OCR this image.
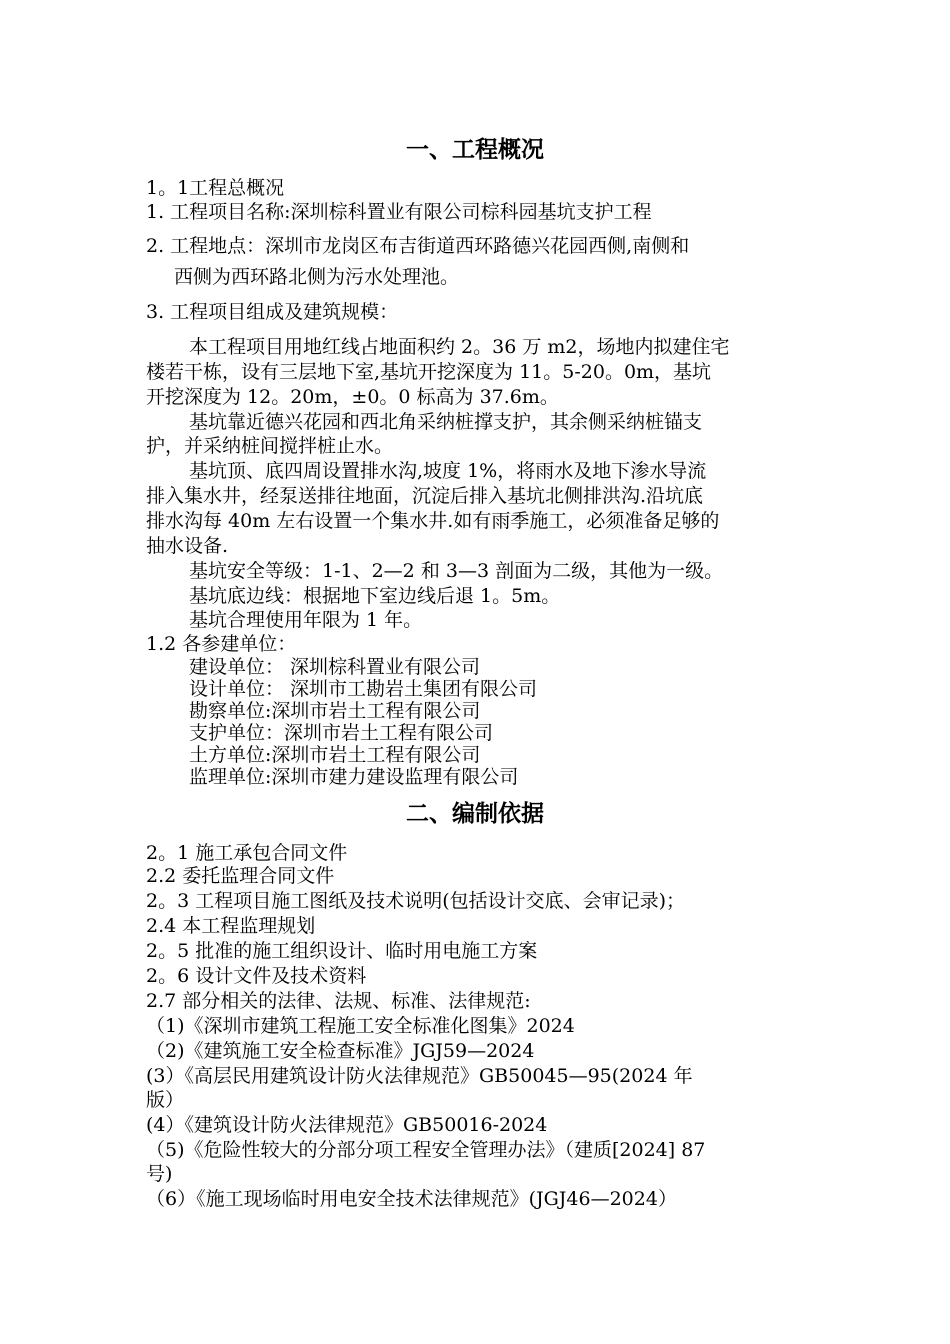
一、工程概况
1。1工程总概况
1. 工程项目名称:深圳棕科置业有限公司棕科园基坑支护工程
2. 工程地点：深圳市龙岗区布吉街道西环路德兴花园西侧,南侧和
西侧为西环路北侧为污水处理池。
3. 工程项目组成及建筑规模：
本工程项目用地红线占地面积约 2。36 万 m2，场地内拟建住宅
楼若干栋，设有三层地下室,基坑开挖深度为 11。5-20。0m，基坑
开挖深度为 12。20m，±0。0 标高为 37.6m。
基坑靠近德兴花园和西北角采纳桩撑支护，其余侧采纳桩锚支
护，并采纳桩间搅拌桩止水。
基坑顶、底四周设置排水沟,坡度 1%，将雨水及地下渗水导流
排入集水井，经泵送排往地面，沉淀后排入基坑北侧排洪沟.沿坑底
排水沟每 40m 左右设置一个集水井.如有雨季施工，必须准备足够的
抽水设备.
基坑安全等级：1-1、2—2 和 3—3 剖面为二级，其他为一级。
基坑底边线：根据地下室边线后退 1。5m。
基坑合理使用年限为 1 年。
1.2 各参建单位：
建设单位： 深圳棕科置业有限公司
设计单位： 深圳市工勘岩土集团有限公司
勘察单位:深圳市岩土工程有限公司
支护单位：深圳市岩土工程有限公司
土方单位:深圳市岩土工程有限公司
监理单位:深圳市建力建设监理有限公司
二、编制依据
2。1 施工承包合同文件
2.2 委托监理合同文件
2。3 工程项目施工图纸及技术说明(包括设计交底、会审记录)；
2.4 本工程监理规划
2。5 批准的施工组织设计、临时用电施工方案
2。6 设计文件及技术资料
2.7 部分相关的法律、法规、标准、法律规范:
（1)《深圳市建筑工程施工安全标准化图集》2024
（2)《建筑施工安全检查标准》JGJ59—2024
(3）《高层民用建筑设计防火法律规范》GB50045—95(2024 年
版）
(4）《建筑设计防火法律规范》GB50016-2024
（5)《危险性较大的分部分项工程安全管理办法》（建质[2024] 87
号)
（6）《施工现场临时用电安全技术法律规范》(JGJ46—2024）
